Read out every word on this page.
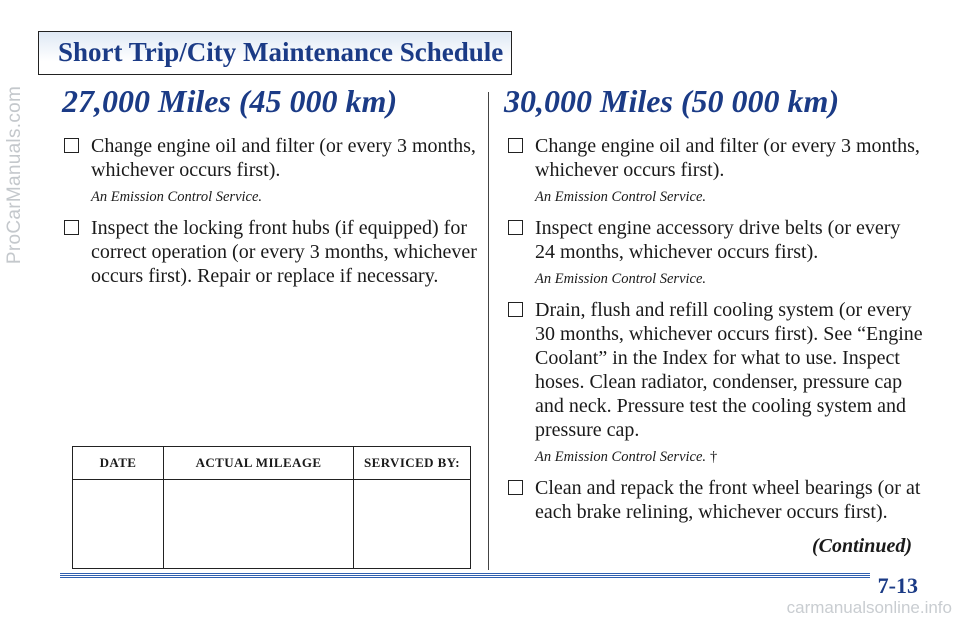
ProCarManuals.com
Short Trip/City Maintenance Schedule
27,000 Miles (45 000 km)
Change engine oil and filter (or every 3 months, whichever occurs first).
An Emission Control Service.
Inspect the locking front hubs (if equipped) for correct operation (or every 3 months, whichever occurs first). Repair or replace if necessary.
DATE	ACTUAL MILEAGE	SERVICED BY:

30,000 Miles (50 000 km)
Change engine oil and filter (or every 3 months, whichever occurs first).
An Emission Control Service.
Inspect engine accessory drive belts (or every 24 months, whichever occurs first).
An Emission Control Service.
Drain, flush and refill cooling system (or every 30 months, whichever occurs first). See “Engine Coolant” in the Index for what to use. Inspect hoses. Clean radiator, condenser, pressure cap and neck. Pressure test the cooling system and pressure cap.
An Emission Control Service. †
Clean and repack the front wheel bearings (or at each brake relining, whichever occurs first).
(Continued)
7-13
carmanualsonline.info
